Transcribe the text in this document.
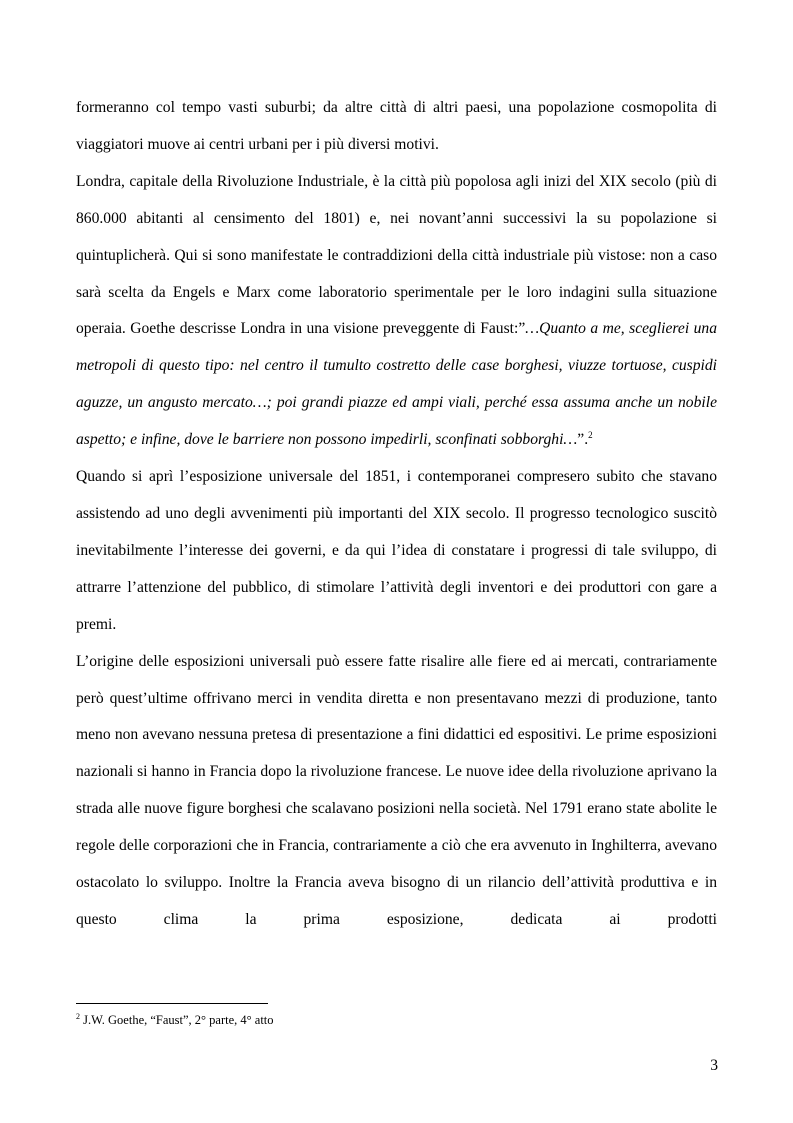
formeranno col tempo vasti suburbi; da altre città di altri paesi, una popolazione cosmopolita di viaggiatori muove ai centri urbani per i più diversi motivi.

Londra, capitale della Rivoluzione Industriale, è la città più popolosa agli inizi del XIX secolo (più di 860.000 abitanti al censimento del 1801) e, nei novant’anni successivi la su popolazione si quintuplicherà. Qui si sono manifestate le contraddizioni della città industriale più vistose: non a caso sarà scelta da Engels e Marx come laboratorio sperimentale per le loro indagini sulla situazione operaia. Goethe descrisse Londra in una visione preveggente di Faust:”…Quanto a me, sceglierei una metropoli di questo tipo: nel centro il tumulto costretto delle case borghesi, viuzze tortuose, cuspidi aguzze, un angusto mercato…; poi grandi piazze ed ampi viali, perché essa assuma anche un nobile aspetto; e infine, dove le barriere non possono impedirli, sconfinati sobborghi…”.$^2$

Quando si aprì l’esposizione universale del 1851, i contemporanei compresero subito che stavano assistendo ad uno degli avvenimenti più importanti del XIX secolo. Il progresso tecnologico suscitò inevitabilmente l’interesse dei governi, e da qui l’idea di constatare i progressi di tale sviluppo, di attrarre l’attenzione del pubblico, di stimolare l’attività degli inventori e dei produttori con gare a premi.

L’origine delle esposizioni universali può essere fatte risalire alle fiere ed ai mercati, contrariamente però quest’ultime offrivano merci in vendita diretta e non presentavano mezzi di produzione, tanto meno non avevano nessuna pretesa di presentazione a fini didattici ed espositivi. Le prime esposizioni nazionali si hanno in Francia dopo la rivoluzione francese. Le nuove idee della rivoluzione aprivano la strada alle nuove figure borghesi che scalavano posizioni nella società. Nel 1791 erano state abolite le regole delle corporazioni che in Francia, contrariamente a ciò che era avvenuto in Inghilterra, avevano ostacolato lo sviluppo. Inoltre la Francia aveva bisogno di un rilancio dell’attività produttiva e in questo clima la prima esposizione, dedicata ai prodotti

$^2$ J.W. Goethe, “Faust”, 2° parte, 4° atto
3
